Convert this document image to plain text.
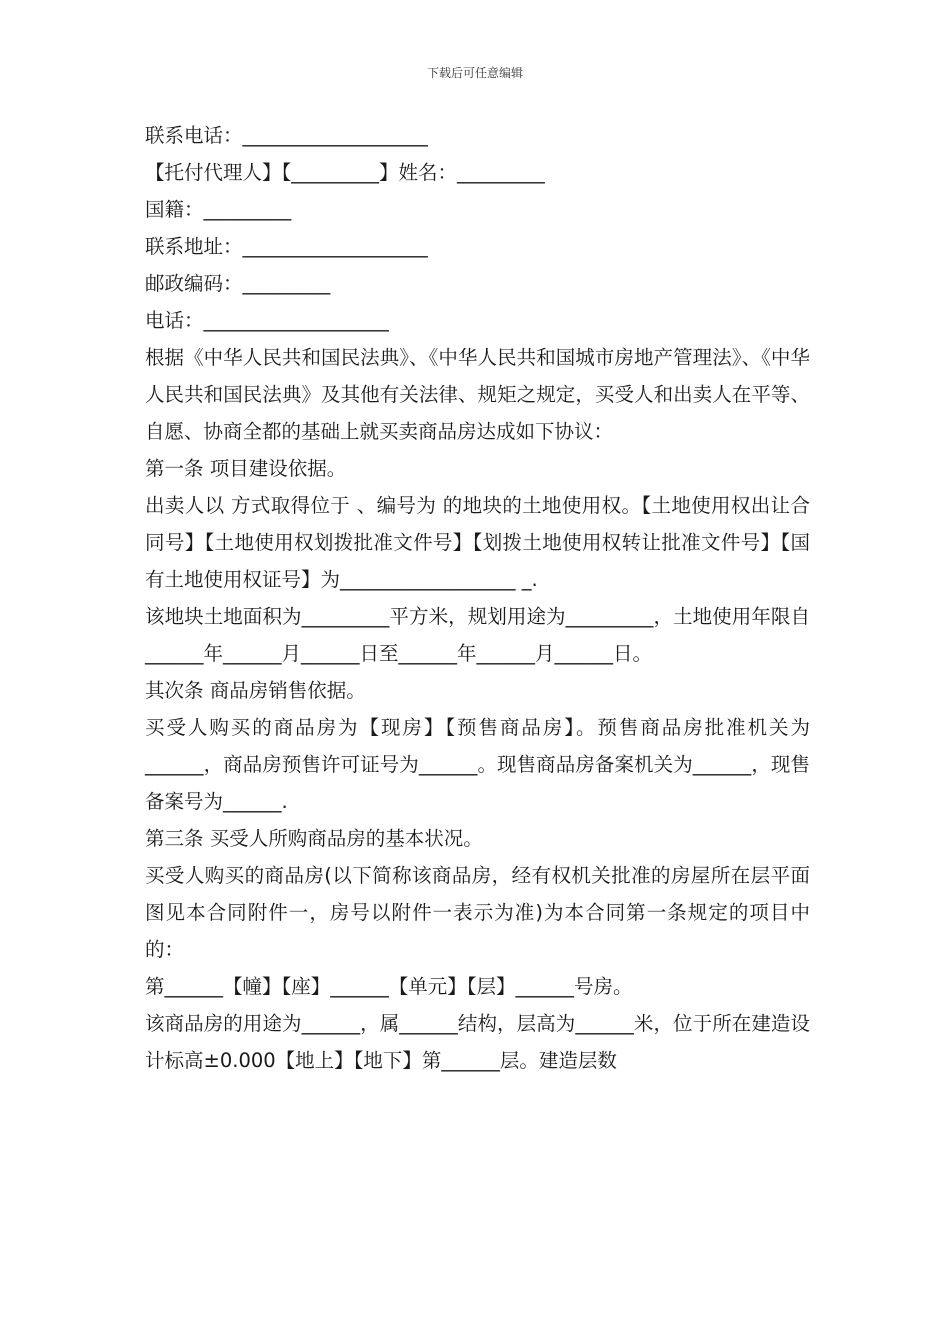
下载后可任意编辑

联系电话：___________________

【托付代理人】【_________】姓名：_________

国籍：_________

联系地址：___________________

邮政编码：_________

电话：___________________

根据《中华人民共和国民法典》、《中华人民共和国城市房地产管理法》、《中华人民共和国民法典》及其他有关法律、规矩之规定，买受人和出卖人在平等、自愿、协商全都的基础上就买卖商品房达成如下协议：

第一条 项目建设依据。

出卖人以 方式取得位于 、编号为 的地块的土地使用权。【土地使用权出让合同号】【土地使用权划拨批准文件号】【划拨土地使用权转让批准文件号】【国有土地使用权证号】为__________________ _.

该地块土地面积为_________平方米，规划用途为_________，土地使用年限自______年______月______日至______年______月______日。

其次条 商品房销售依据。

买受人购买的商品房为【现房】【预售商品房】。预售商品房批准机关为______，商品房预售许可证号为______。现售商品房备案机关为______，现售备案号为______.

第三条 买受人所购商品房的基本状况。

买受人购买的商品房(以下简称该商品房，经有权机关批准的房屋所在层平面图见本合同附件一，房号以附件一表示为准)为本合同第一条规定的项目中的：

第______【幢】【座】______【单元】【层】______号房。

该商品房的用途为______，属______结构，层高为______米，位于所在建造设计标高±0.000【地上】【地下】第______层。建造层数
